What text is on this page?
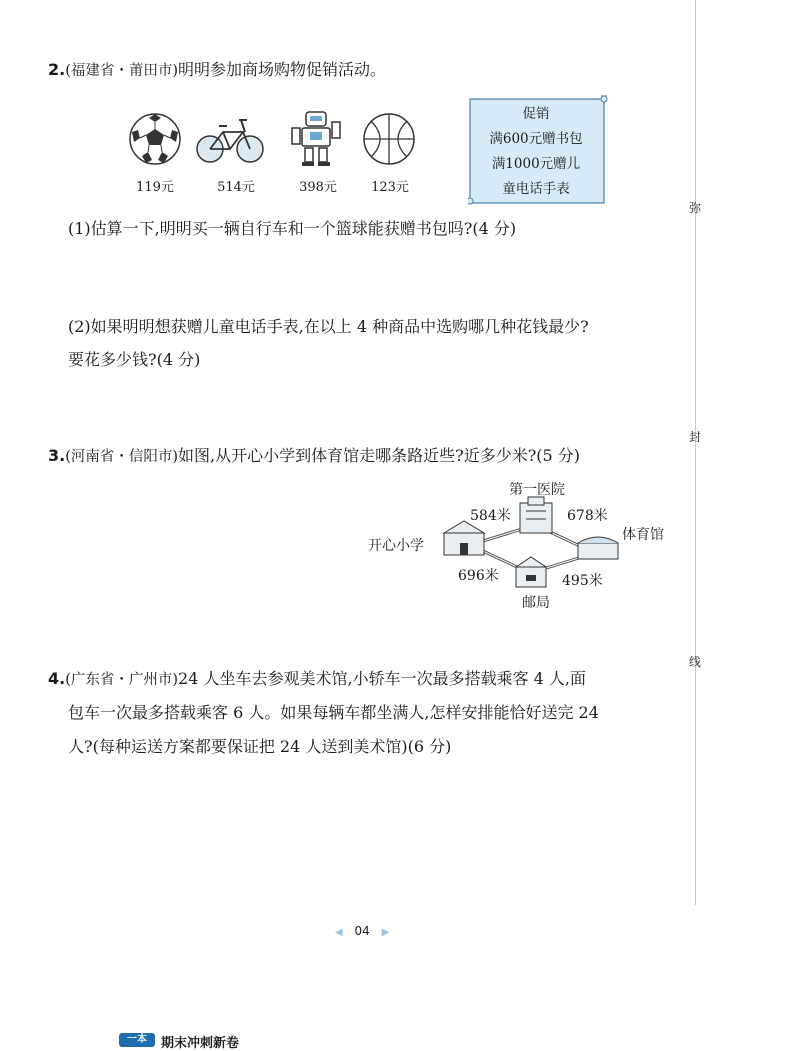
2.(福建省・莆田市)明明参加商场购物促销活动。
119元	514元	398元	123元
促销
满600元赠书包
满1000元赠儿
童电话手表
(1)估算一下,明明买一辆自行车和一个篮球能获赠书包吗?(4 分)
(2)如果明明想获赠儿童电话手表,在以上 4 种商品中选购哪几种花钱最少?
要花多少钱?(4 分)
3.(河南省・信阳市)如图,从开心小学到体育馆走哪条路近些?近多少米?(5 分)
第一医院
开心小学
体育馆
邮局
584米	678米
696米	495米
4.(广东省・广州市)24 人坐车去参观美术馆,小轿车一次最多搭载乘客 4 人,面
包车一次最多搭载乘客 6 人。如果每辆车都坐满人,怎样安排能恰好送完 24
人?(每种运送方案都要保证把 24 人送到美术馆)(6 分)
弥
封
线
◀ 04 ▶
一本	期末冲刺新卷
